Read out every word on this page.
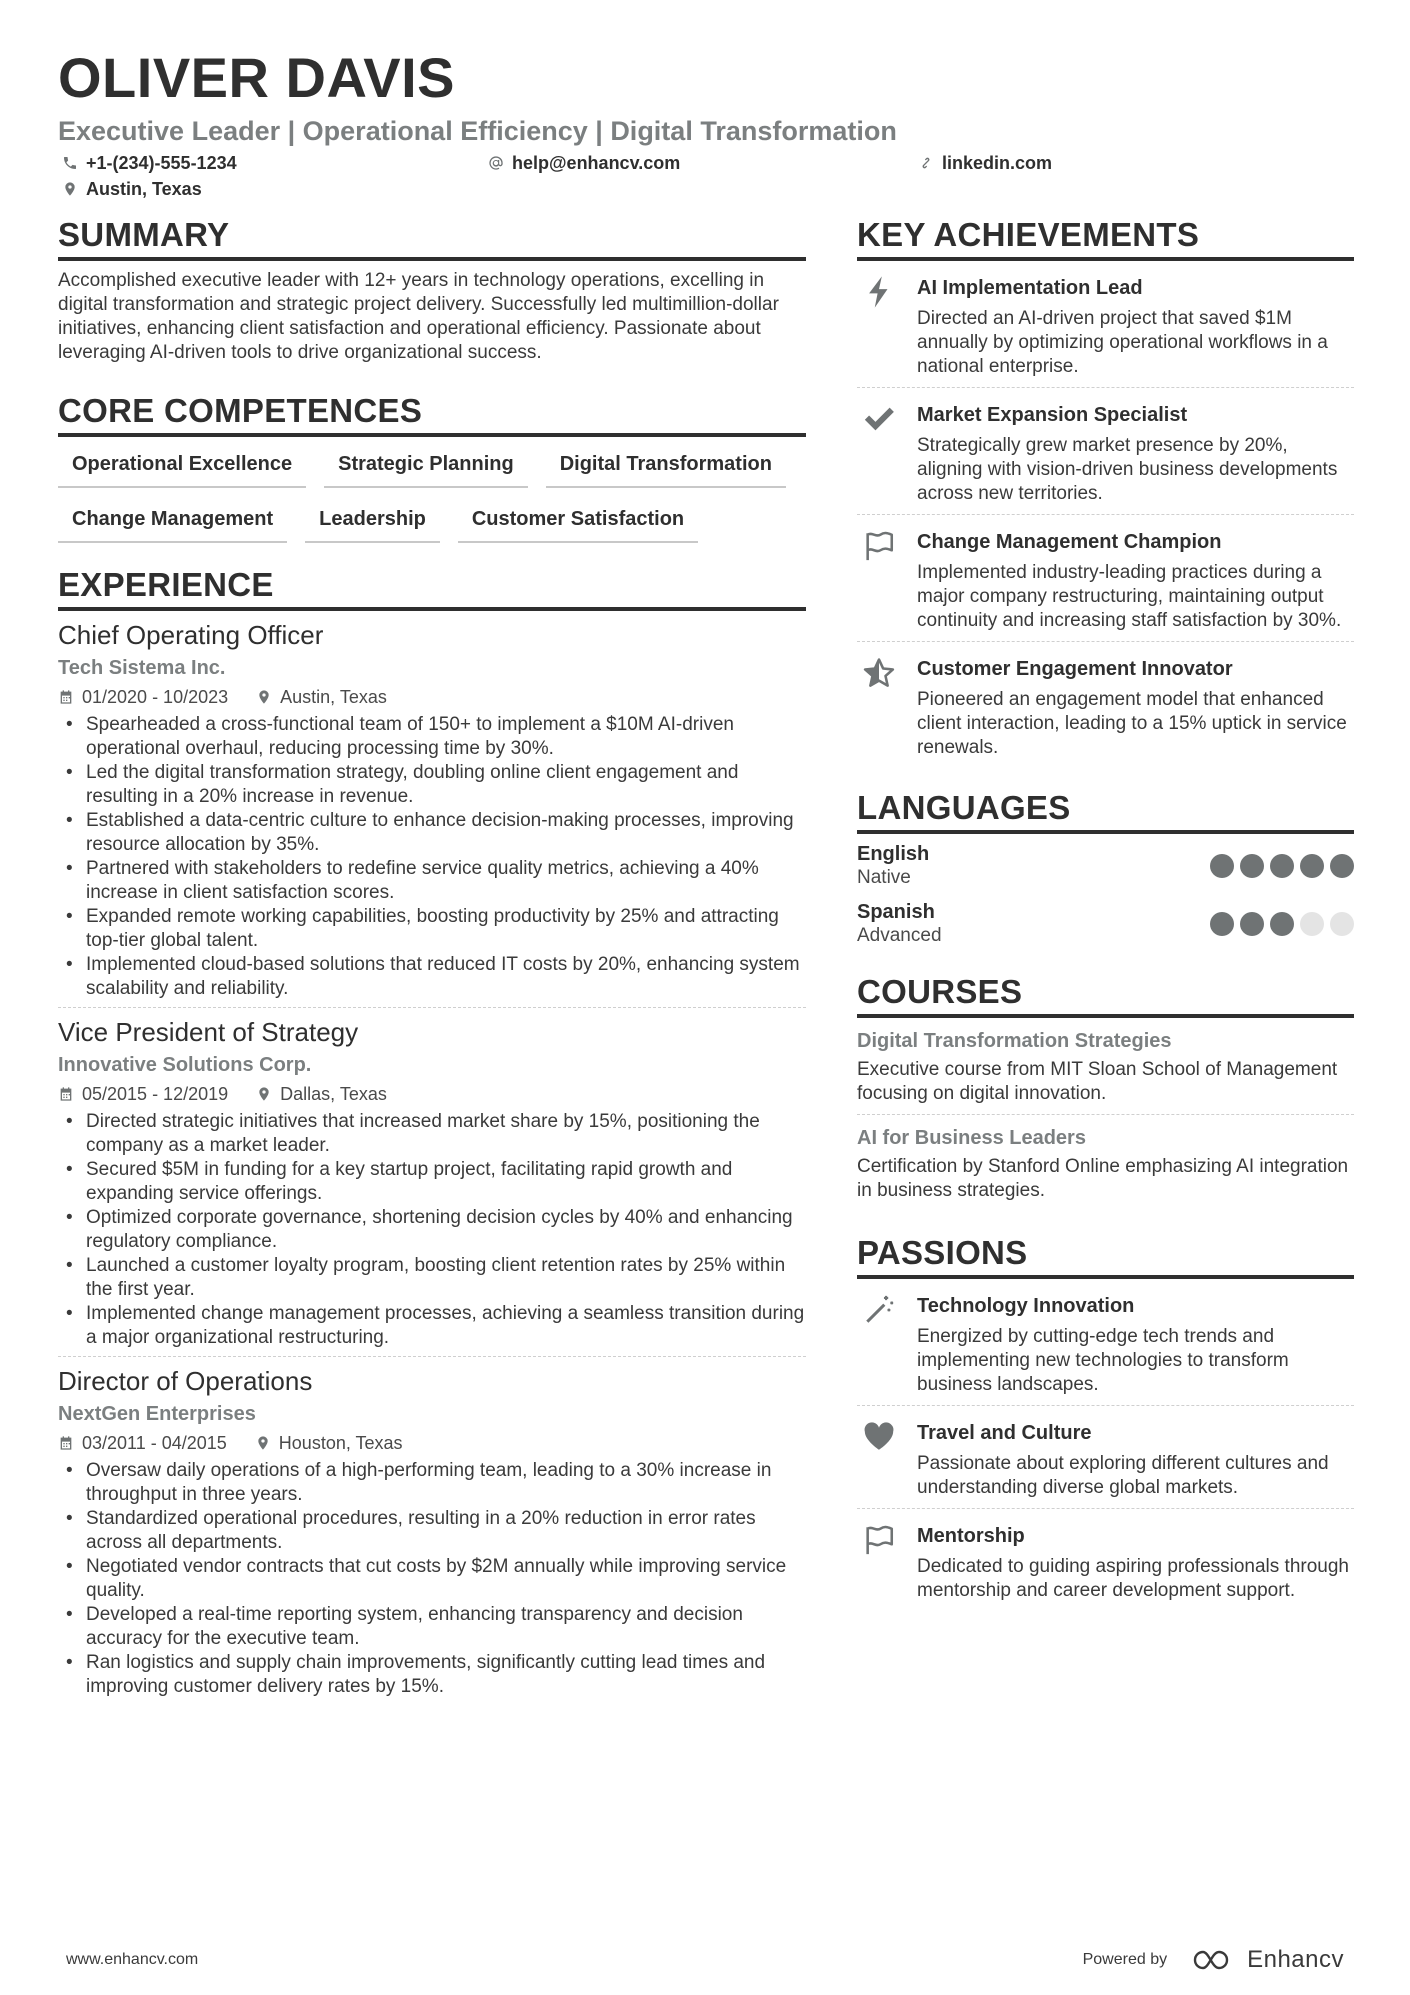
OLIVER DAVIS
Executive Leader | Operational Efficiency | Digital Transformation
+1-(234)-555-1234	help@enhancv.com	linkedin.com
Austin, Texas
SUMMARY
Accomplished executive leader with 12+ years in technology operations, excelling in digital transformation and strategic project delivery. Successfully led multimillion-dollar initiatives, enhancing client satisfaction and operational efficiency. Passionate about leveraging AI-driven tools to drive organizational success.
CORE COMPETENCES
Operational Excellence	Strategic Planning	Digital Transformation
Change Management	Leadership	Customer Satisfaction
EXPERIENCE
Chief Operating Officer
Tech Sistema Inc.
01/2020 - 10/2023	Austin, Texas
• Spearheaded a cross-functional team of 150+ to implement a $10M AI-driven operational overhaul, reducing processing time by 30%.
• Led the digital transformation strategy, doubling online client engagement and resulting in a 20% increase in revenue.
• Established a data-centric culture to enhance decision-making processes, improving resource allocation by 35%.
• Partnered with stakeholders to redefine service quality metrics, achieving a 40% increase in client satisfaction scores.
• Expanded remote working capabilities, boosting productivity by 25% and attracting top-tier global talent.
• Implemented cloud-based solutions that reduced IT costs by 20%, enhancing system scalability and reliability.
Vice President of Strategy
Innovative Solutions Corp.
05/2015 - 12/2019	Dallas, Texas
• Directed strategic initiatives that increased market share by 15%, positioning the company as a market leader.
• Secured $5M in funding for a key startup project, facilitating rapid growth and expanding service offerings.
• Optimized corporate governance, shortening decision cycles by 40% and enhancing regulatory compliance.
• Launched a customer loyalty program, boosting client retention rates by 25% within the first year.
• Implemented change management processes, achieving a seamless transition during a major organizational restructuring.
Director of Operations
NextGen Enterprises
03/2011 - 04/2015	Houston, Texas
• Oversaw daily operations of a high-performing team, leading to a 30% increase in throughput in three years.
• Standardized operational procedures, resulting in a 20% reduction in error rates across all departments.
• Negotiated vendor contracts that cut costs by $2M annually while improving service quality.
• Developed a real-time reporting system, enhancing transparency and decision accuracy for the executive team.
• Ran logistics and supply chain improvements, significantly cutting lead times and improving customer delivery rates by 15%.
KEY ACHIEVEMENTS
AI Implementation Lead
Directed an AI-driven project that saved $1M annually by optimizing operational workflows in a national enterprise.
Market Expansion Specialist
Strategically grew market presence by 20%, aligning with vision-driven business developments across new territories.
Change Management Champion
Implemented industry-leading practices during a major company restructuring, maintaining output continuity and increasing staff satisfaction by 30%.
Customer Engagement Innovator
Pioneered an engagement model that enhanced client interaction, leading to a 15% uptick in service renewals.
LANGUAGES
English
Native
Spanish
Advanced
COURSES
Digital Transformation Strategies
Executive course from MIT Sloan School of Management focusing on digital innovation.
AI for Business Leaders
Certification by Stanford Online emphasizing AI integration in business strategies.
PASSIONS
Technology Innovation
Energized by cutting-edge tech trends and implementing new technologies to transform business landscapes.
Travel and Culture
Passionate about exploring different cultures and understanding diverse global markets.
Mentorship
Dedicated to guiding aspiring professionals through mentorship and career development support.
www.enhancv.com	Powered by	Enhancv
